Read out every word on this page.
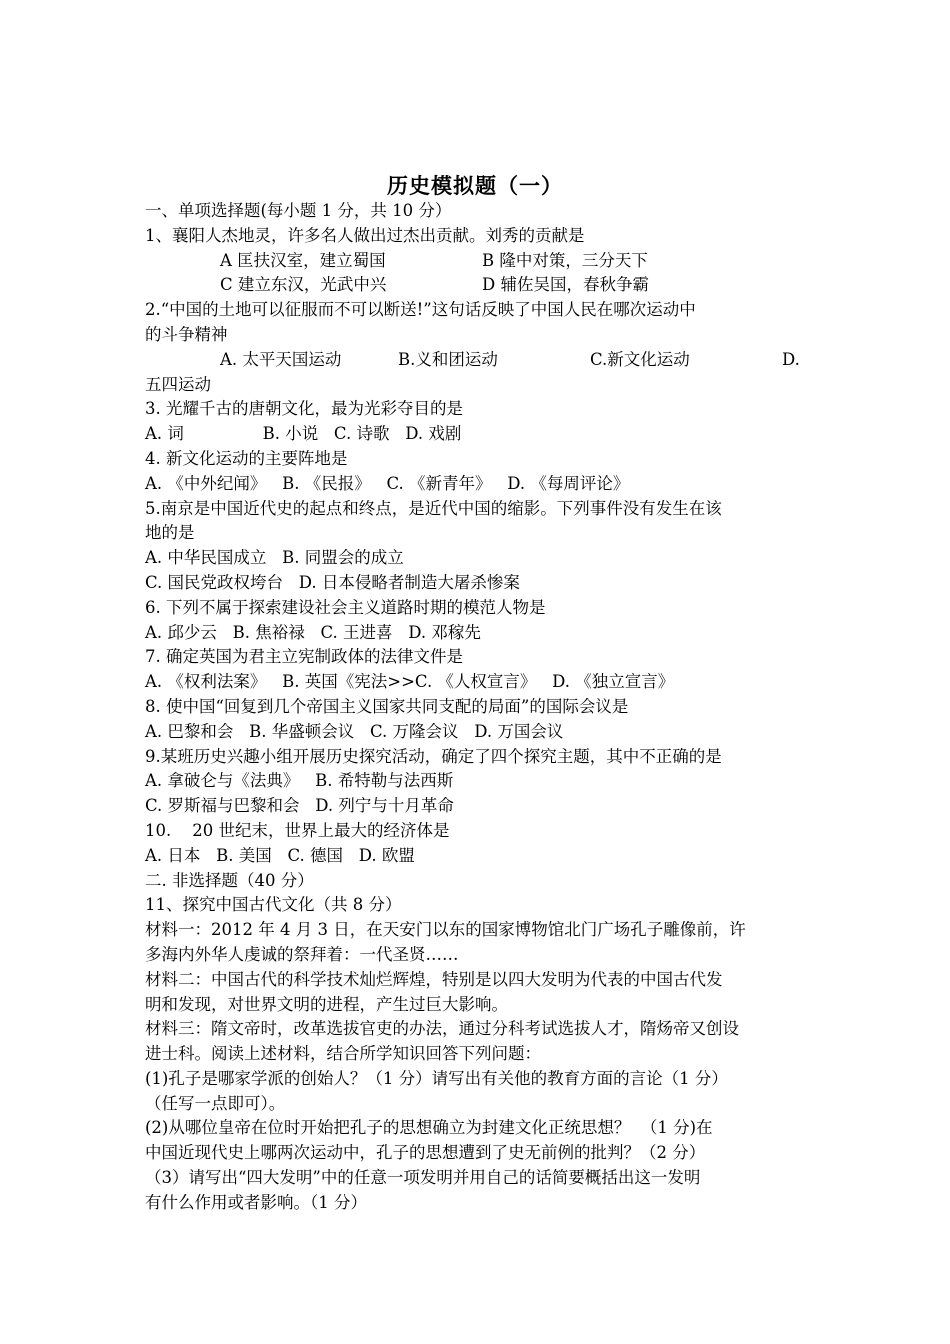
历史模拟题（一）
一、单项选择题(每小题 1 分，共 10 分）
1、襄阳人杰地灵，许多名人做出过杰出贡献。刘秀的贡献是
A 匡扶汉室，建立蜀国	B 隆中对策，三分天下
C 建立东汉，光武中兴	D 辅佐吴国，春秋争霸
2.“中国的土地可以征服而不可以断送!”这句话反映了中国人民在哪次运动中
的斗争精神
A. 太平天国运动	B.义和团运动	C.新文化运动	D.
五四运动
3. 光耀千古的唐朝文化，最为光彩夺目的是
A. 词               B. 小说   C. 诗歌   D. 戏剧
4. 新文化运动的主要阵地是
A. 《中外纪闻》   B. 《民报》   C. 《新青年》   D. 《每周评论》
5.南京是中国近代史的起点和终点，是近代中国的缩影。下列事件没有发生在该
地的是
A. 中华民国成立   B. 同盟会的成立
C. 国民党政权垮台   D. 日本侵略者制造大屠杀惨案
6. 下列不属于探索建设社会主义道路时期的模范人物是
A. 邱少云   B. 焦裕禄   C. 王进喜   D. 邓稼先
7. 确定英国为君主立宪制政体的法律文件是
A. 《权利法案》   B. 英国《宪法>>C. 《人权宣言》   D. 《独立宣言》
8. 使中国“回复到几个帝国主义国家共同支配的局面”的国际会议是
A. 巴黎和会   B. 华盛顿会议   C. 万隆会议   D. 万国会议
9.某班历史兴趣小组开展历史探究活动，确定了四个探究主题，其中不正确的是
A. 拿破仑与《法典》   B. 希特勒与法西斯
C. 罗斯福与巴黎和会   D. 列宁与十月革命
10.    20 世纪末，世界上最大的经济体是
A. 日本   B. 美国   C. 德国   D. 欧盟
二. 非选择题（40 分）
11、探究中国古代文化（共 8 分）
材料一：2012 年 4 月 3 日，在天安门以东的国家博物馆北门广场孔子雕像前，许
多海内外华人虔诚的祭拜着：一代圣贤……
材料二：中国古代的科学技术灿烂辉煌，特别是以四大发明为代表的中国古代发
明和发现，对世界文明的进程，产生过巨大影响。
材料三：隋文帝时，改革选拔官吏的办法，通过分科考试选拔人才，隋炀帝又创设
进士科。阅读上述材料，结合所学知识回答下列问题：
(1)孔子是哪家学派的创始人？（1 分）请写出有关他的教育方面的言论（1 分）
（任写一点即可）。
(2)从哪位皇帝在位时开始把孔子的思想确立为封建文化正统思想？  （1 分)在
中国近现代史上哪两次运动中，孔子的思想遭到了史无前例的批判？（2 分）
（3）请写出“四大发明”中的任意一项发明并用自己的话简要概括出这一发明
有什么作用或者影响。（1 分）
